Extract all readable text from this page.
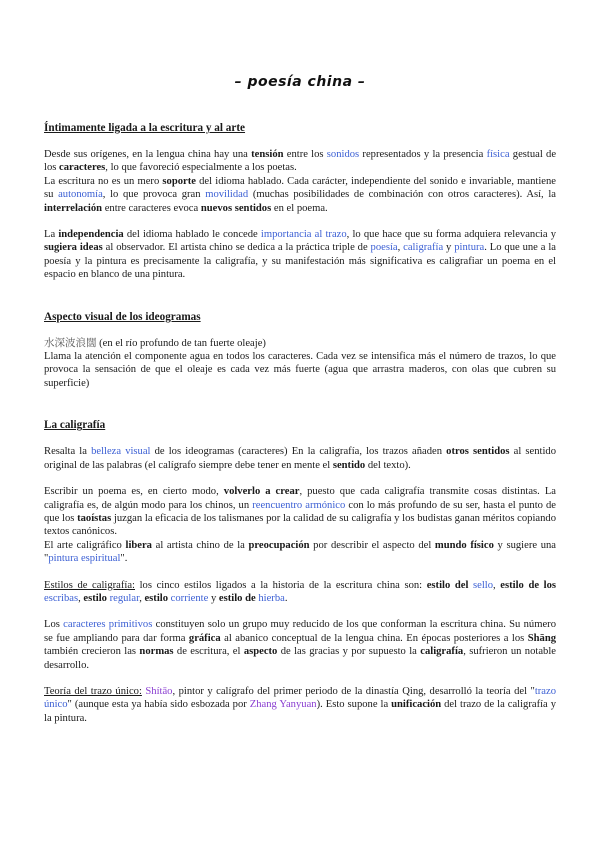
– poesía china –
Íntimamente ligada a la escritura y al arte

Desde sus orígenes, en la lengua china hay una tensión entre los sonidos representados y la presencia física gestual de los caracteres, lo que favoreció especialmente a los poetas.

La escritura no es un mero soporte del idioma hablado. Cada carácter, independiente del sonido e invariable, mantiene su autonomía, lo que provoca gran movilidad (muchas posibilidades de combinación con otros caracteres). Así, la interrelación entre caracteres evoca nuevos sentidos en el poema.

La independencia del idioma hablado le concede importancia al trazo, lo que hace que su forma adquiera relevancia y sugiera ideas al observador. El artista chino se dedica a la práctica triple de poesía, caligrafía y pintura. Lo que une a la poesía y la pintura es precisamente la caligrafía, y su manifestación más significativa es caligrafiar un poema en el espacio en blanco de una pintura.

Aspecto visual de los ideogramas

水深波浪闊 (en el río profundo de tan fuerte oleaje)

Llama la atención el componente agua en todos los caracteres. Cada vez se intensifica más el número de trazos, lo que provoca la sensación de que el oleaje es cada vez más fuerte (agua que arrastra maderos, con olas que cubren su superficie)

La caligrafía

Resalta la belleza visual de los ideogramas (caracteres) En la caligrafía, los trazos añaden otros sentidos al sentido original de las palabras (el calígrafo siempre debe tener en mente el sentido del texto).

Escribir un poema es, en cierto modo, volverlo a crear, puesto que cada caligrafía transmite cosas distintas. La caligrafía es, de algún modo para los chinos, un reencuentro armónico con lo más profundo de su ser, hasta el punto de que los taoístas juzgan la eficacia de los talismanes por la calidad de su caligrafía y los budistas ganan méritos copiando textos canónicos.

El arte caligráfico libera al artista chino de la preocupación por describir el aspecto del mundo físico y sugiere una "pintura espiritual".

Estilos de caligrafía: los cinco estilos ligados a la historia de la escritura china son: estilo del sello, estilo de los escribas, estilo regular, estilo corriente y estilo de hierba.

Los caracteres primitivos constituyen solo un grupo muy reducido de los que conforman la escritura china. Su número se fue ampliando para dar forma gráfica al abanico conceptual de la lengua china. En épocas posteriores a los Shāng también crecieron las normas de escritura, el aspecto de las gracias y por supuesto la caligrafía, sufrieron un notable desarrollo.

Teoría del trazo único: Shítāo, pintor y calígrafo del primer periodo de la dinastía Qing, desarrolló la teoría del "trazo único" (aunque esta ya había sido esbozada por Zhang Yanyuan). Esto supone la unificación del trazo de la caligrafía y la pintura.
